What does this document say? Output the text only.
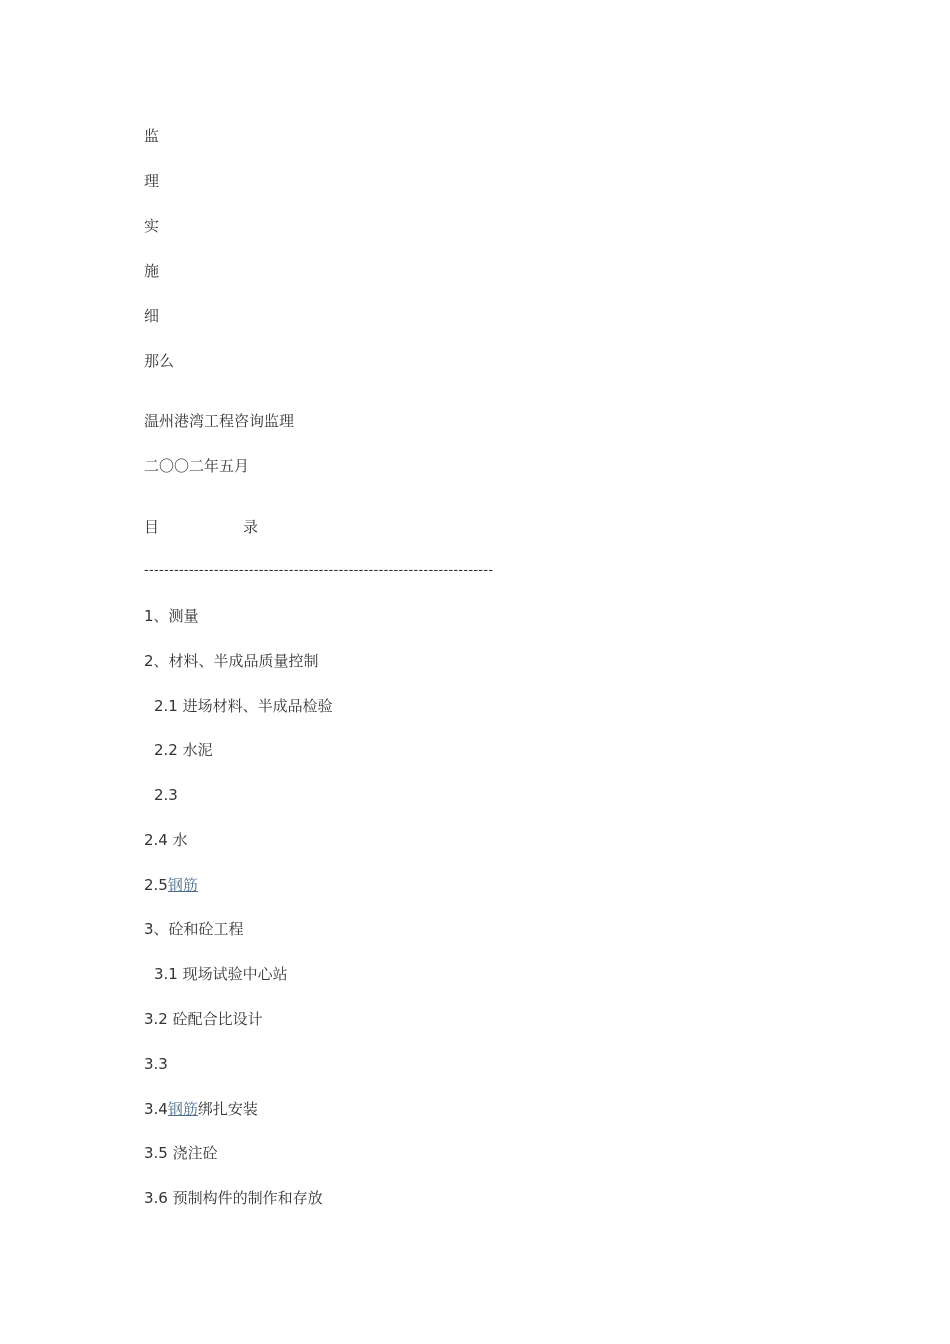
监
理
实
施
细
那么
温州港湾工程咨询监理
二〇〇二年五月
目	录
----------------------------------------------------------------------
1、测量
2、材料、半成品质量控制
2.1 进场材料、半成品检验
2.2 水泥
2.3
2.4 水
2.5钢筋
3、砼和砼工程
3.1 现场试验中心站
3.2 砼配合比设计
3.3
3.4钢筋绑扎安装
3.5 浇注砼
3.6 预制构件的制作和存放
